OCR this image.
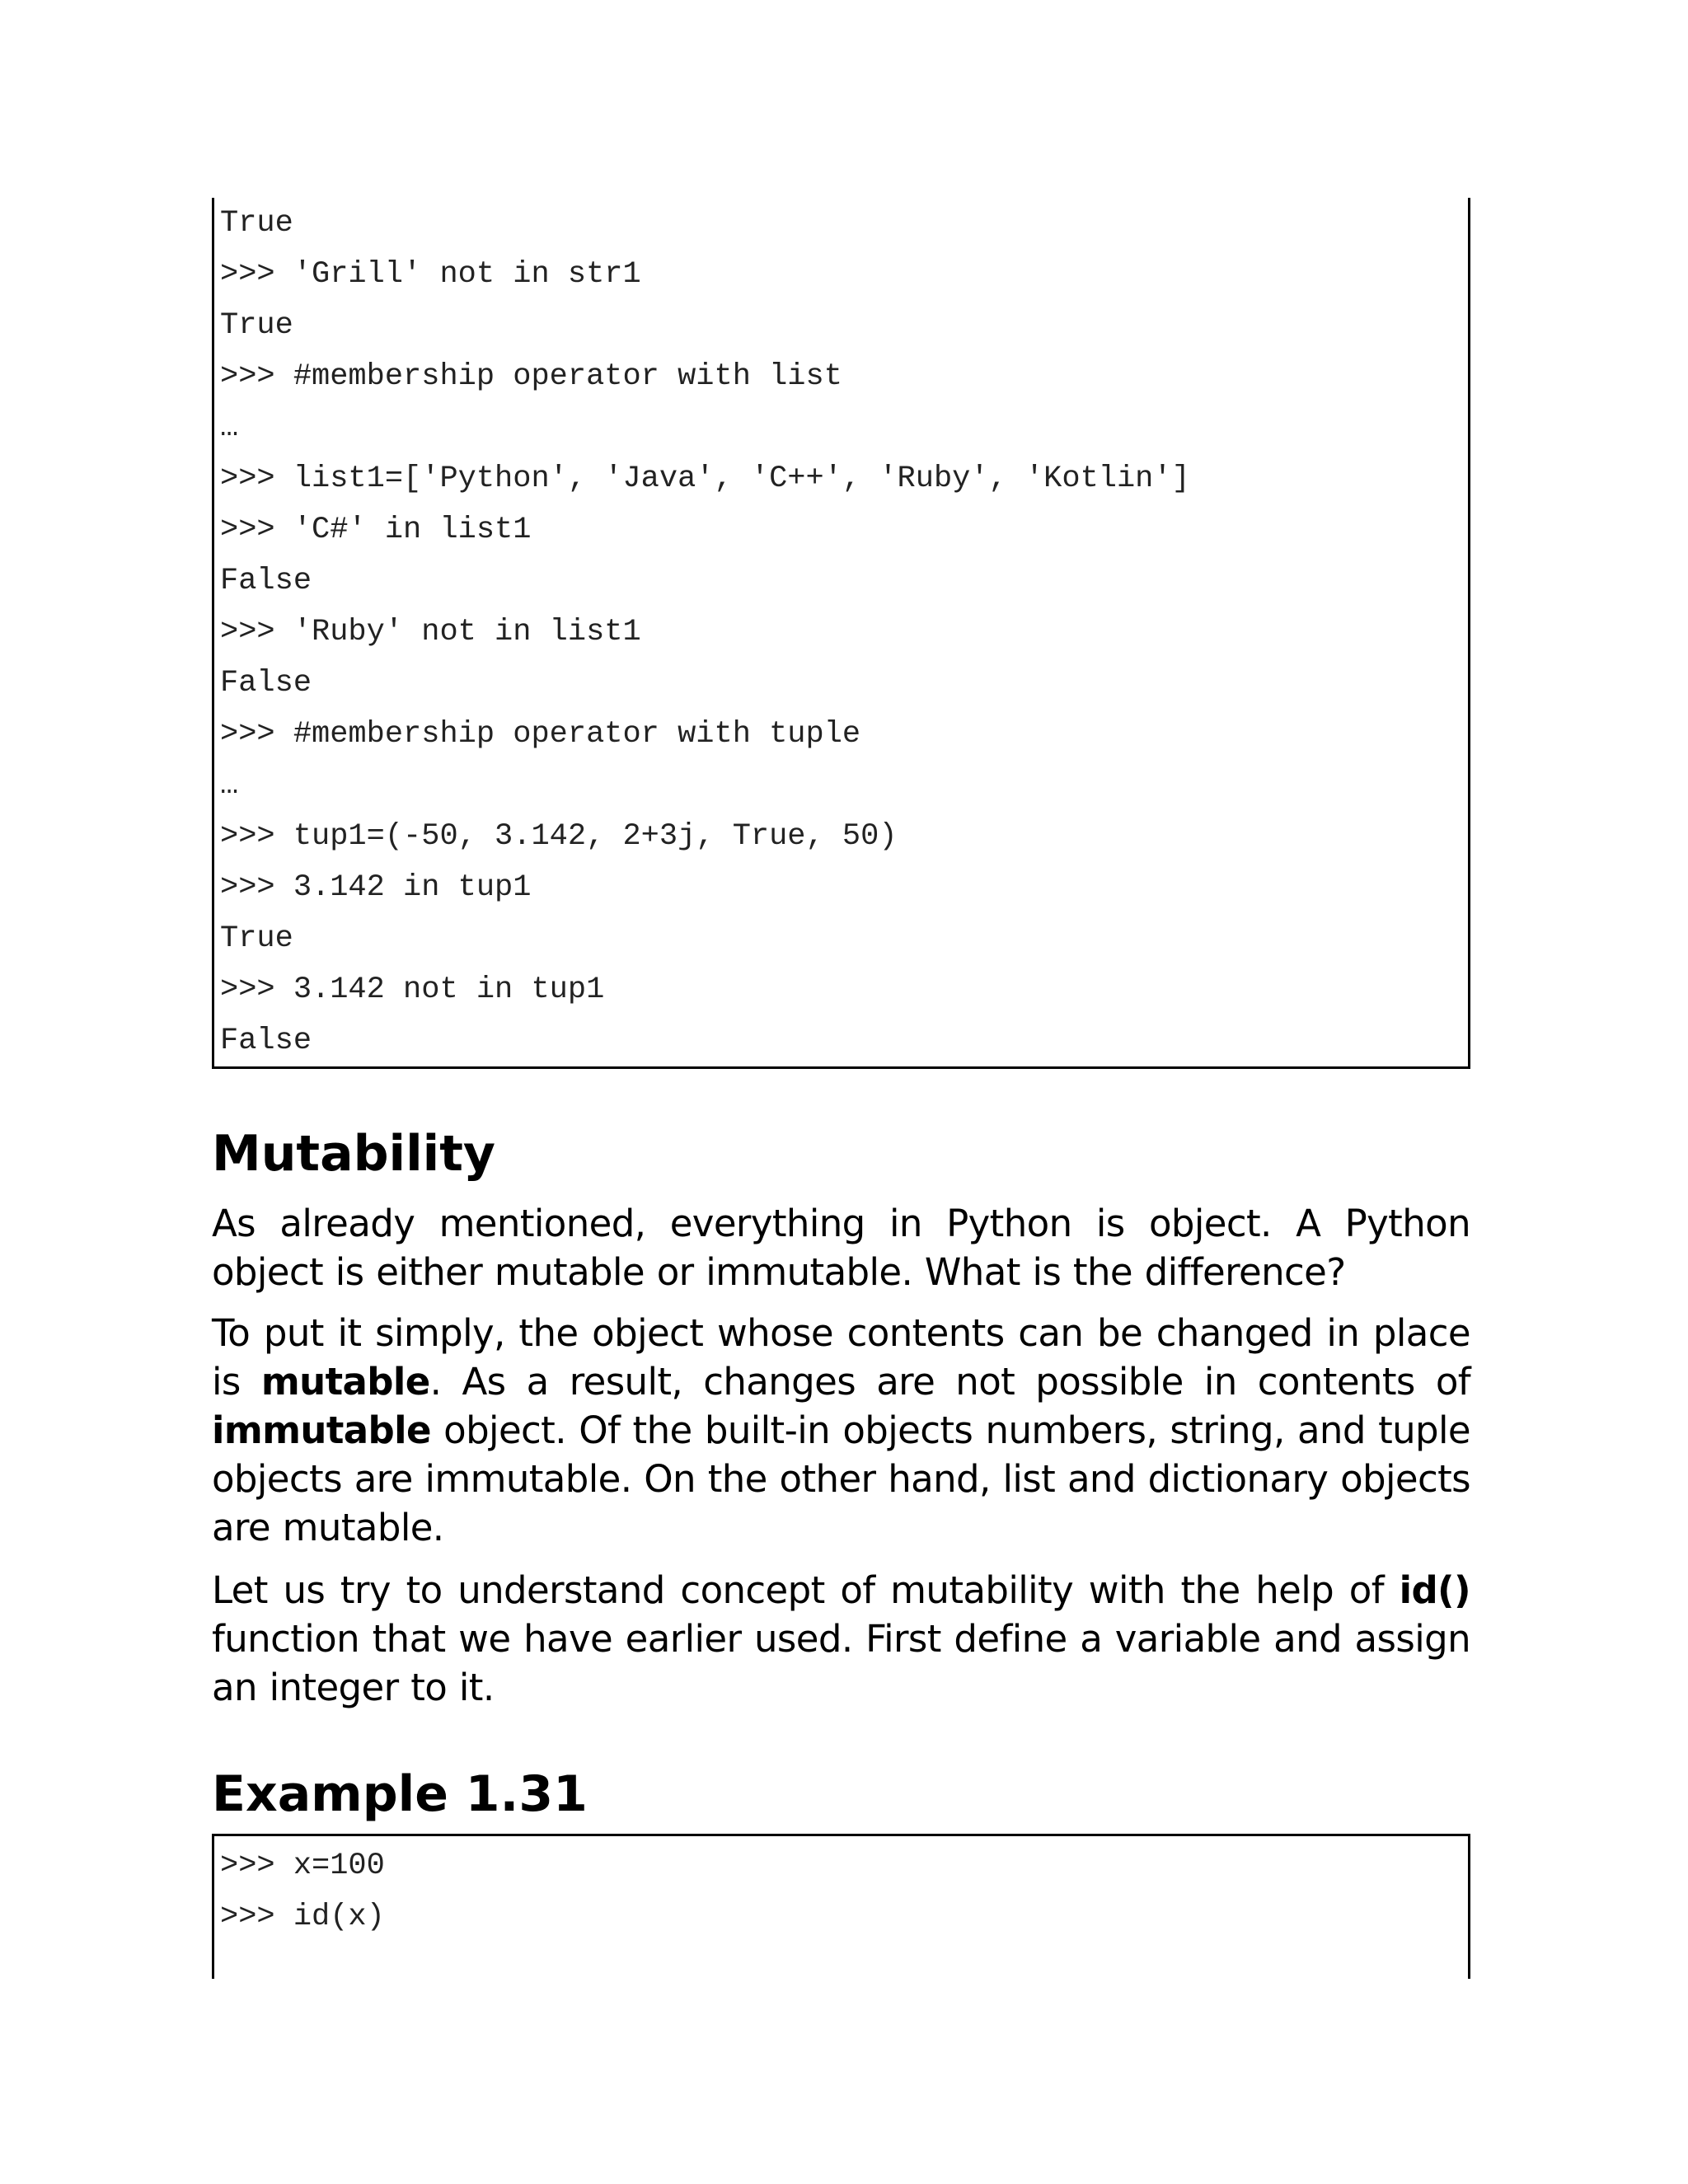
True
>>> 'Grill' not in str1
True
>>> #membership operator with list
…
>>> list1=['Python', 'Java', 'C++', 'Ruby', 'Kotlin']
>>> 'C#' in list1
False
>>> 'Ruby' not in list1
False
>>> #membership operator with tuple
…
>>> tup1=(-50, 3.142, 2+3j, True, 50)
>>> 3.142 in tup1
True
>>> 3.142 not in tup1
False
Mutability

As already mentioned, everything in Python is object. A Python object is either mutable or immutable. What is the difference?

To put it simply, the object whose contents can be changed in place is mutable. As a result, changes are not possible in contents of immutable object. Of the built-in objects numbers, string, and tuple objects are immutable. On the other hand, list and dictionary objects are mutable.

Let us try to understand concept of mutability with the help of id() function that we have earlier used. First define a variable and assign an integer to it.

Example 1.31
>>> x=100
>>> id(x)
